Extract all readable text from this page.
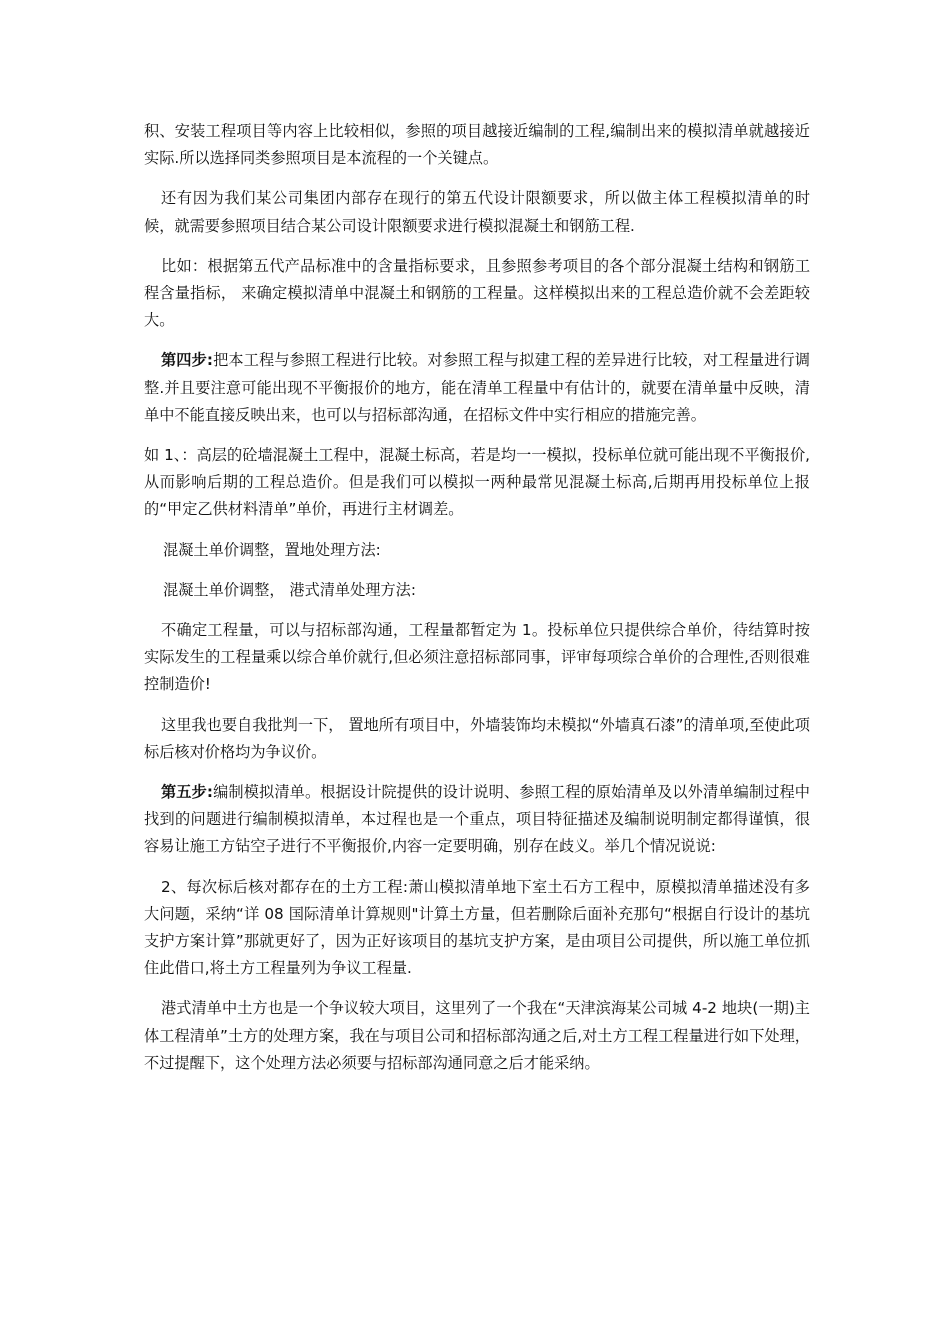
积、安装工程项目等内容上比较相似，参照的项目越接近编制的工程,编制出来的模拟清单就越接近实际.所以选择同类参照项目是本流程的一个关键点。

还有因为我们某公司集团内部存在现行的第五代设计限额要求，所以做主体工程模拟清单的时候，就需要参照项目结合某公司设计限额要求进行模拟混凝土和钢筋工程.

比如：根据第五代产品标准中的含量指标要求，且参照参考项目的各个部分混凝土结构和钢筋工程含量指标， 来确定模拟清单中混凝土和钢筋的工程量。这样模拟出来的工程总造价就不会差距较大。

第四步:把本工程与参照工程进行比较。对参照工程与拟建工程的差异进行比较，对工程量进行调整.并且要注意可能出现不平衡报价的地方，能在清单工程量中有估计的，就要在清单量中反映，清单中不能直接反映出来，也可以与招标部沟通，在招标文件中实行相应的措施完善。

如 1、：高层的砼墙混凝土工程中，混凝土标高，若是均一一模拟，投标单位就可能出现不平衡报价,从而影响后期的工程总造价。但是我们可以模拟一两种最常见混凝土标高,后期再用投标单位上报 的“甲定乙供材料清单”单价，再进行主材调差。

混凝土单价调整，置地处理方法:

混凝土单价调整， 港式清单处理方法:

不确定工程量，可以与招标部沟通，工程量都暂定为 1。投标单位只提供综合单价，待结算时按实际发生的工程量乘以综合单价就行,但必须注意招标部同事，评审每项综合单价的合理性,否则很难控制造价!

这里我也要自我批判一下， 置地所有项目中，外墙装饰均未模拟“外墙真石漆”的清单项,至使此项标后核对价格均为争议价。

第五步:编制模拟清单。根据设计院提供的设计说明、参照工程的原始清单及以外清单编制过程中找到的问题进行编制模拟清单，本过程也是一个重点，项目特征描述及编制说明制定都得谨慎，很容易让施工方钻空子进行不平衡报价,内容一定要明确，别存在歧义。举几个情况说说:

2、每次标后核对都存在的土方工程:萧山模拟清单地下室土石方工程中，原模拟清单描述没有多大问题，采纳“详 08 国际清单计算规则"计算土方量，但若删除后面补充那句“根据自行设计的基坑支护方案计算”那就更好了，因为正好该项目的基坑支护方案，是由项目公司提供，所以施工单位抓住此借口,将土方工程量列为争议工程量.

港式清单中土方也是一个争议较大项目，这里列了一个我在“天津滨海某公司城 4-2 地块(一期)主体工程清单”土方的处理方案，我在与项目公司和招标部沟通之后,对土方工程工程量进行如下处理，不过提醒下，这个处理方法必须要与招标部沟通同意之后才能采纳。
